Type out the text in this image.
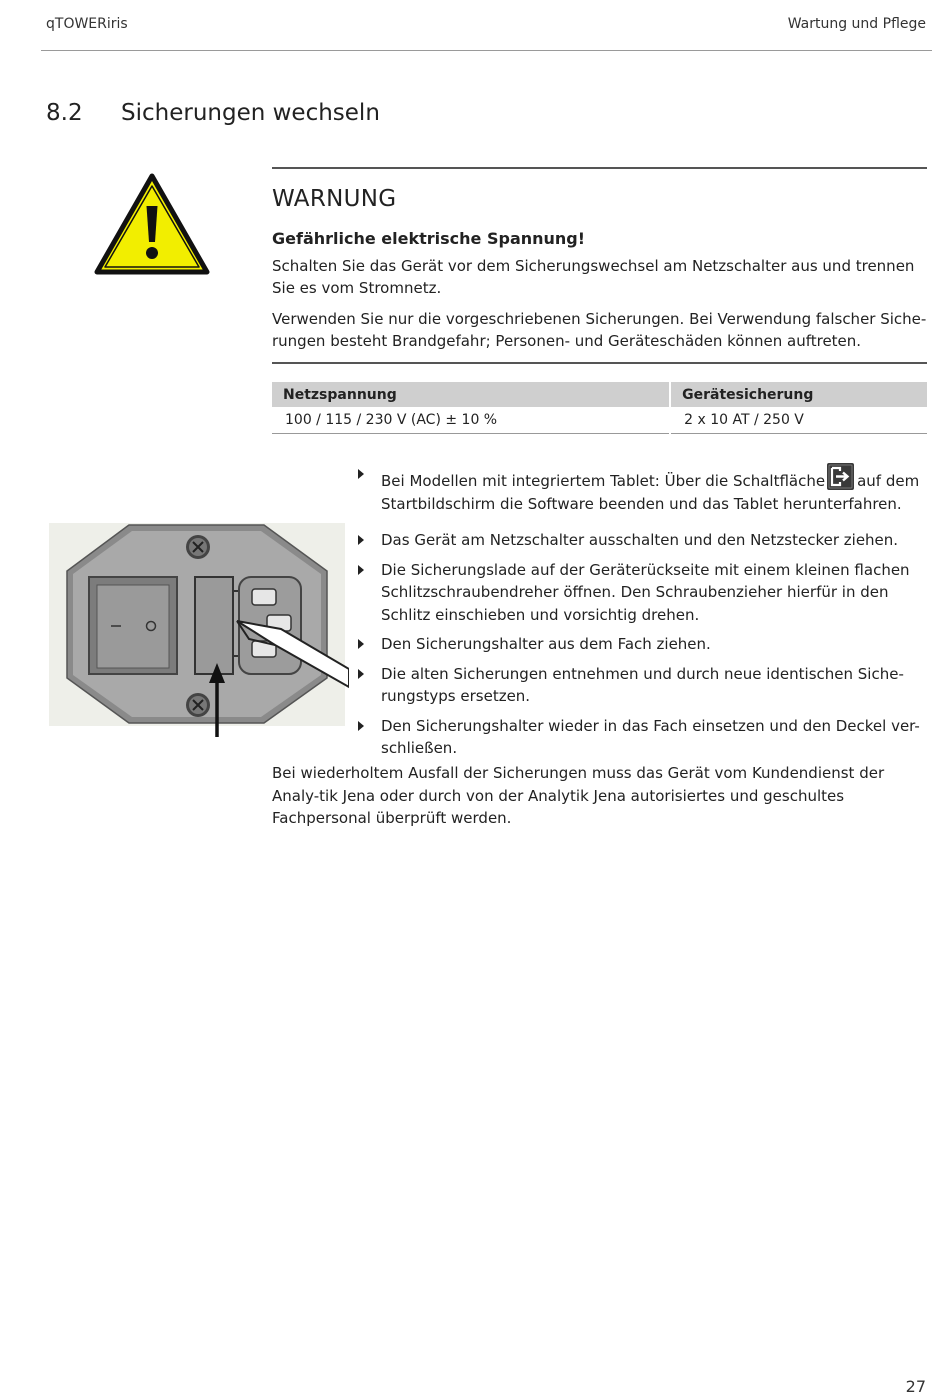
qTOWERiris	Wartung und Pflege
8.2 Sicherungen wechseln
WARNUNG
Gefährliche elektrische Spannung!
Schalten Sie das Gerät vor dem Sicherungswechsel am Netzschalter aus und trennen Sie es vom Stromnetz.
Verwenden Sie nur die vorgeschriebenen Sicherungen. Bei Verwendung falscher Siche-rungen besteht Brandgefahr; Personen- und Geräteschäden können auftreten.
Netzspannung	Gerätesicherung
100 / 115 / 230 V (AC) ± 10 %	2 x 10 AT / 250 V
Bei Modellen mit integriertem Tablet: Über die Schaltfläche auf dem Startbildschirm die Software beenden und das Tablet herunterfahren.
Das Gerät am Netzschalter ausschalten und den Netzstecker ziehen.
Die Sicherungslade auf der Geräterückseite mit einem kleinen flachen Schlitzschraubendreher öffnen. Den Schraubenzieher hierfür in den Schlitz einschieben und vorsichtig drehen.
Den Sicherungshalter aus dem Fach ziehen.
Die alten Sicherungen entnehmen und durch neue identischen Siche-rungstyps ersetzen.
Den Sicherungshalter wieder in das Fach einsetzen und den Deckel ver-schließen.
Bei wiederholtem Ausfall der Sicherungen muss das Gerät vom Kundendienst der Analy-tik Jena oder durch von der Analytik Jena autorisiertes und geschultes Fachpersonal überprüft werden.
27
